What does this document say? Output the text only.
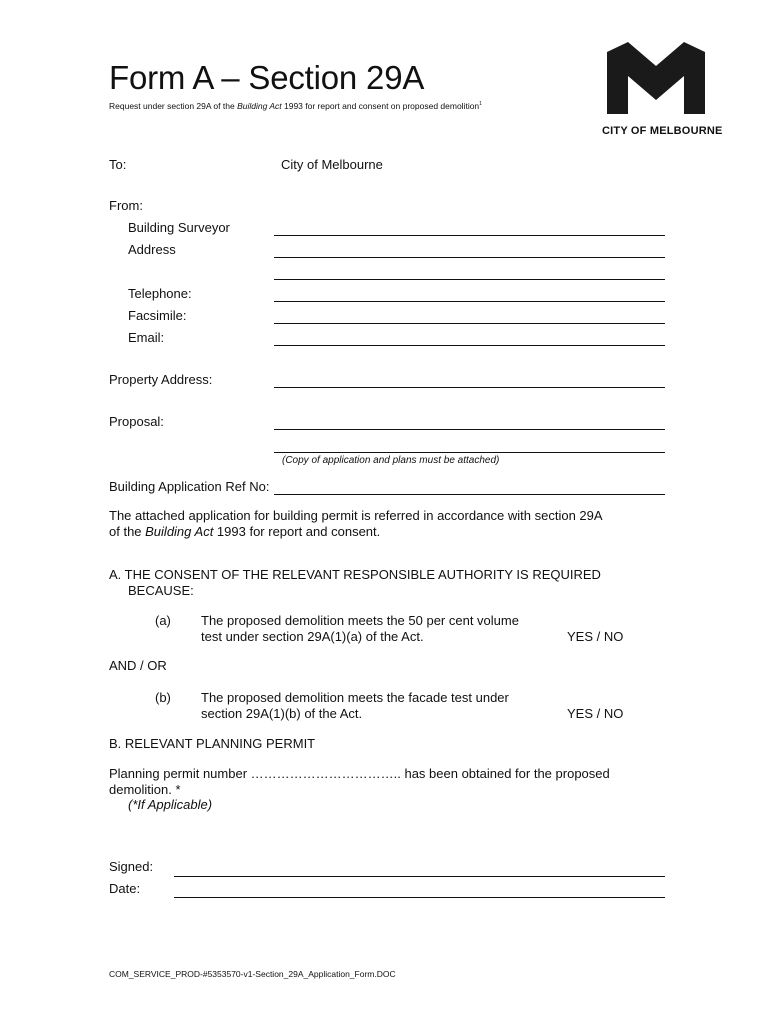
Form A – Section 29A
Request under section 29A of the Building Act 1993 for report and consent on proposed demolition$^1$
CITY OF MELBOURNE
To:	City of Melbourne
From:
Building Surveyor
Address
Telephone:
Facsimile:
Email:
Property Address:
Proposal:
(Copy of application and plans must be attached)
Building Application Ref No:
The attached application for building permit is referred in accordance with section 29A
of the Building Act 1993 for report and consent.
A. THE CONSENT OF THE RELEVANT RESPONSIBLE AUTHORITY IS REQUIRED
BECAUSE:
(a) The proposed demolition meets the 50 per cent volume
test under section 29A(1)(a) of the Act.	YES / NO
AND / OR
(b) The proposed demolition meets the facade test under
section 29A(1)(b) of the Act.	YES / NO
B. RELEVANT PLANNING PERMIT
Planning permit number …………………………….. has been obtained for the proposed
demolition. *
(*If Applicable)
Signed:
Date:
COM_SERVICE_PROD-#5353570-v1-Section_29A_Application_Form.DOC
